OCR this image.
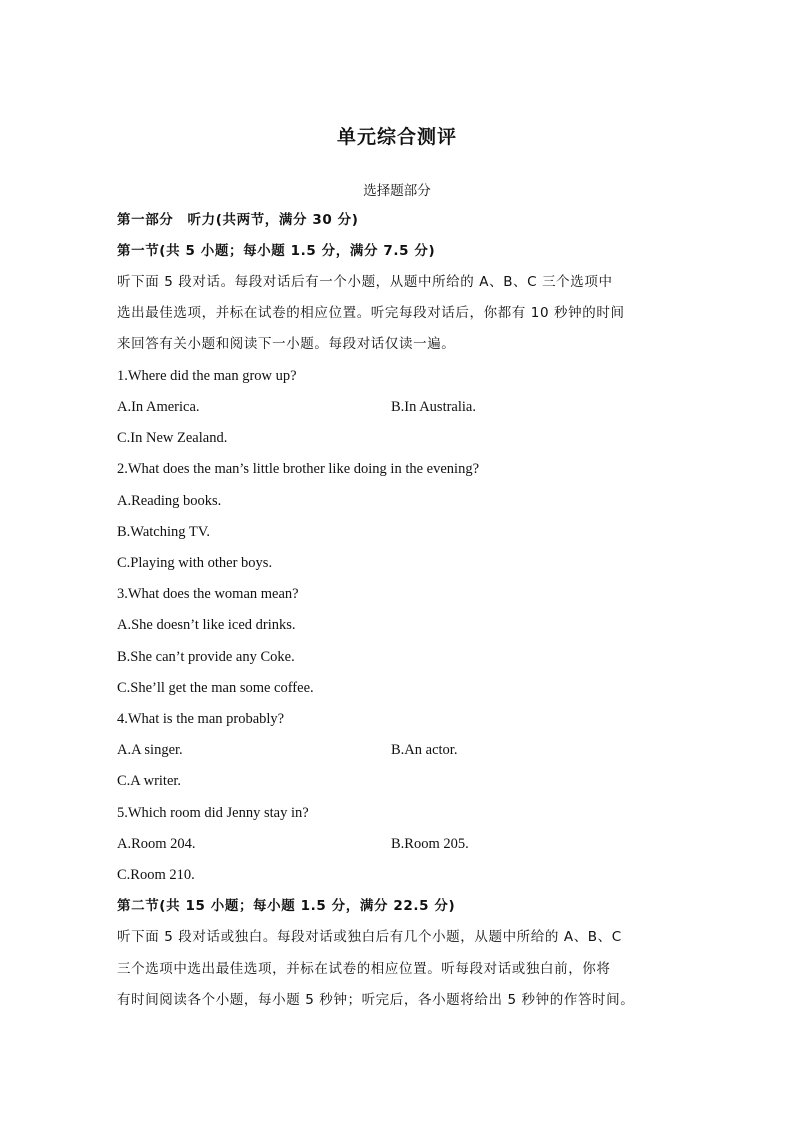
单元综合测评
选择题部分
第一部分　听力(共两节，满分 30 分)
第一节(共 5 小题；每小题 1.5 分，满分 7.5 分)
听下面 5 段对话。每段对话后有一个小题，从题中所给的 A、B、C 三个选项中
选出最佳选项，并标在试卷的相应位置。听完每段对话后，你都有 10 秒钟的时间
来回答有关小题和阅读下一小题。每段对话仅读一遍。
1.Where did the man grow up?
A.In America.	B.In Australia.
C.In New Zealand.
2.What does the man’s little brother like doing in the evening?
A.Reading books.
B.Watching TV.
C.Playing with other boys.
3.What does the woman mean?
A.She doesn’t like iced drinks.
B.She can’t provide any Coke.
C.She’ll get the man some coffee.
4.What is the man probably?
A.A singer.	B.An actor.
C.A writer.
5.Which room did Jenny stay in?
A.Room 204.	B.Room 205.
C.Room 210.
第二节(共 15 小题；每小题 1.5 分，满分 22.5 分)
听下面 5 段对话或独白。每段对话或独白后有几个小题，从题中所给的 A、B、C
三个选项中选出最佳选项，并标在试卷的相应位置。听每段对话或独白前，你将
有时间阅读各个小题，每小题 5 秒钟；听完后，各小题将给出 5 秒钟的作答时间。
